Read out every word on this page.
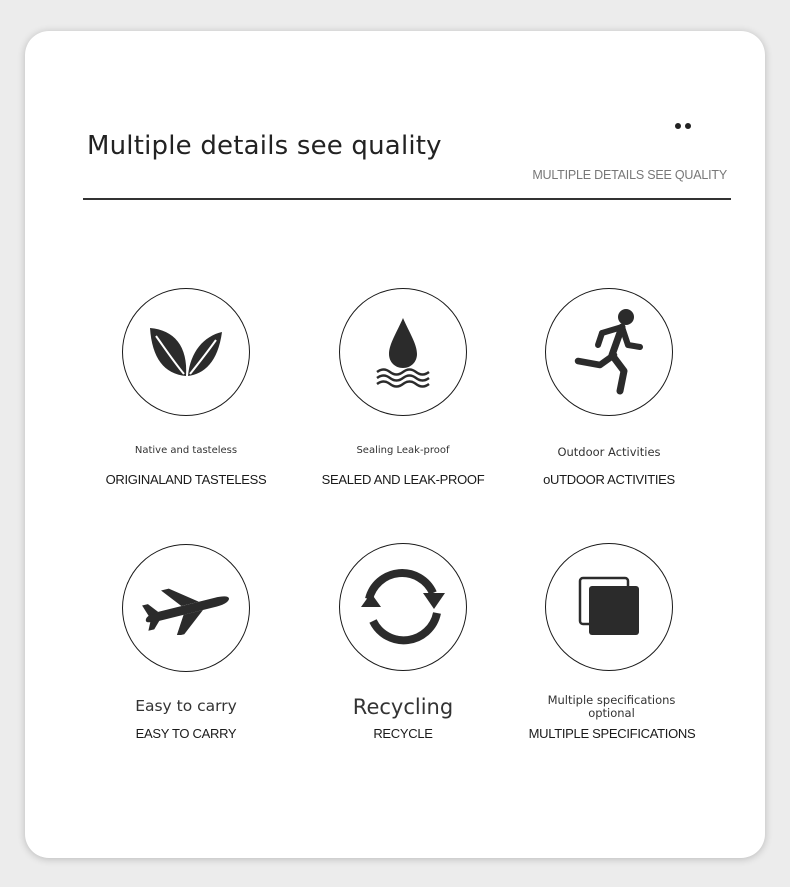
Multiple details see quality
MULTIPLE DETAILS SEE QUALITY
Native and tasteless
ORIGINALAND TASTELESS
Sealing Leak-proof
SEALED AND LEAK-PROOF
Outdoor Activities
oUTDOOR ACTIVITIES
Easy to carry
EASY TO CARRY
Recycling
RECYCLE
Multiple specifications optional
MULTIPLE SPECIFICATIONS
